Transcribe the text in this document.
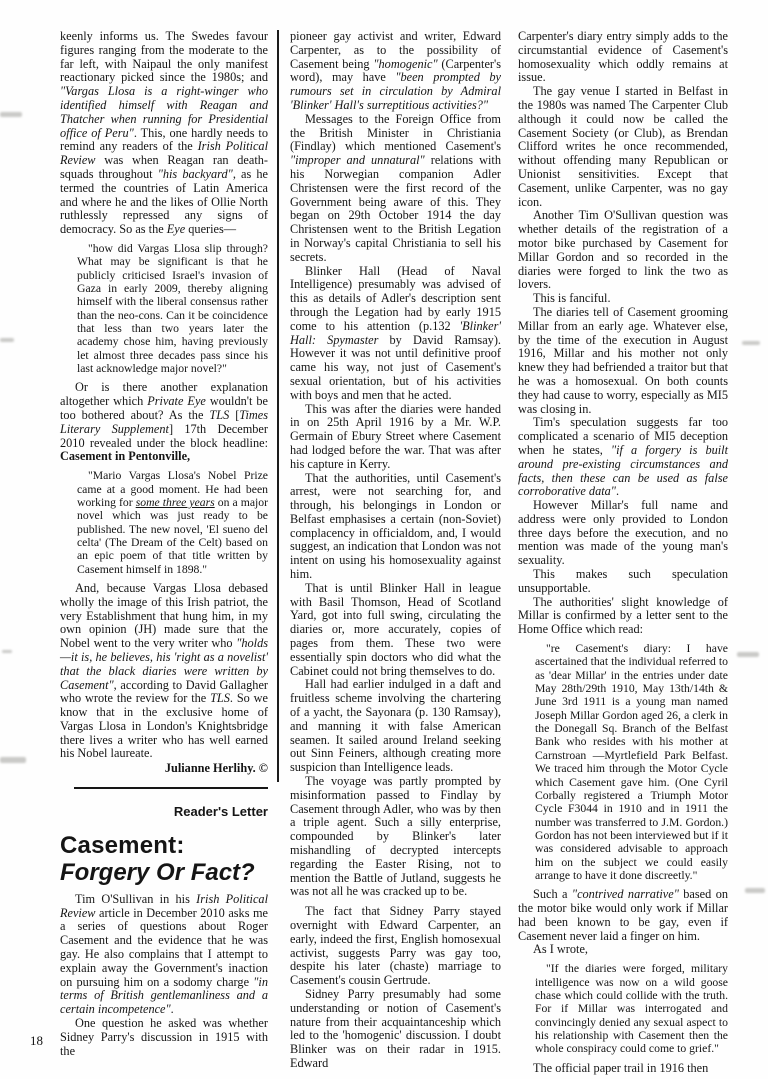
keenly informs us. The Swedes favour figures ranging from the moderate to the far left, with Naipaul the only manifest reactionary picked since the 1980s; and "Vargas Llosa is a right-winger who identified himself with Reagan and Thatcher when running for Presidential office of Peru". This, one hardly needs to remind any readers of the Irish Political Review was when Reagan ran death-squads throughout "his backyard", as he termed the countries of Latin America and where he and the likes of Ollie North ruthlessly repressed any signs of democracy. So as the Eye queries—
"how did Vargas Llosa slip through? What may be significant is that he publicly criticised Israel's invasion of Gaza in early 2009, thereby aligning himself with the liberal consensus rather than the neo-cons. Can it be coincidence that less than two years later the academy chose him, having previously let almost three decades pass since his last acknowledge major novel?"
Or is there another explanation altogether which Private Eye wouldn't be too bothered about? As the TLS [Times Literary Supplement] 17th December 2010 revealed under the block headline: Casement in Pentonville,
"Mario Vargas Llosa's Nobel Prize came at a good moment. He had been working for some three years on a major novel which was just ready to be published. The new novel, 'El sueno del celta' (The Dream of the Celt) based on an epic poem of that title written by Casement himself in 1898."
And, because Vargas Llosa debased wholly the image of this Irish patriot, the very Establishment that hung him, in my own opinion (JH) made sure that the Nobel went to the very writer who "holds—it is, he believes, his 'right as a novelist' that the black diaries were written by Casement", according to David Gallagher who wrote the review for the TLS. So we know that in the exclusive home of Vargas Llosa in London's Knightsbridge there lives a writer who has well earned his Nobel laureate.
Julianne Herlihy. ©
Reader's Letter
Casement:
Forgery Or Fact?
Tim O'Sullivan in his Irish Political Review article in December 2010 asks me a series of questions about Roger Casement and the evidence that he was gay. He also complains that I attempt to explain away the Government's inaction on pursuing him on a sodomy charge "in terms of British gentlemanliness and a certain incompetence".
One question he asked was whether Sidney Parry's discussion in 1915 with the
pioneer gay activist and writer, Edward Carpenter, as to the possibility of Casement being "homogenic" (Carpenter's word), may have "been prompted by rumours set in circulation by Admiral 'Blinker' Hall's surreptitious activities?"
Messages to the Foreign Office from the British Minister in Christiania (Findlay) which mentioned Casement's "improper and unnatural" relations with his Norwegian companion Adler Christensen were the first record of the Government being aware of this. They began on 29th October 1914 the day Christensen went to the British Legation in Norway's capital Christiania to sell his secrets.
Blinker Hall (Head of Naval Intelligence) presumably was advised of this as details of Adler's description sent through the Legation had by early 1915 come to his attention (p.132 'Blinker' Hall: Spymaster by David Ramsay). However it was not until definitive proof came his way, not just of Casement's sexual orientation, but of his activities with boys and men that he acted.
This was after the diaries were handed in on 25th April 1916 by a Mr. W.P. Germain of Ebury Street where Casement had lodged before the war. That was after his capture in Kerry.
That the authorities, until Casement's arrest, were not searching for, and through, his belongings in London or Belfast emphasises a certain (non-Soviet) complacency in officialdom, and, I would suggest, an indication that London was not intent on using his homosexuality against him.
That is until Blinker Hall in league with Basil Thomson, Head of Scotland Yard, got into full swing, circulating the diaries or, more accurately, copies of pages from them. These two were essentially spin doctors who did what the Cabinet could not bring themselves to do.
Hall had earlier indulged in a daft and fruitless scheme involving the chartering of a yacht, the Sayonara (p. 130 Ramsay), and manning it with false American seamen. It sailed around Ireland seeking out Sinn Feiners, although creating more suspicion than Intelligence leads.
The voyage was partly prompted by misinformation passed to Findlay by Casement through Adler, who was by then a triple agent. Such a silly enterprise, compounded by Blinker's later mishandling of decrypted intercepts regarding the Easter Rising, not to mention the Battle of Jutland, suggests he was not all he was cracked up to be.
The fact that Sidney Parry stayed overnight with Edward Carpenter, an early, indeed the first, English homosexual activist, suggests Parry was gay too, despite his later (chaste) marriage to Casement's cousin Gertrude.
Sidney Parry presumably had some understanding or notion of Casement's nature from their acquaintanceship which led to the 'homogenic' discussion. I doubt Blinker was on their radar in 1915. Edward
Carpenter's diary entry simply adds to the circumstantial evidence of Casement's homosexuality which oddly remains at issue.
The gay venue I started in Belfast in the 1980s was named The Carpenter Club although it could now be called the Casement Society (or Club), as Brendan Clifford writes he once recommended, without offending many Republican or Unionist sensitivities. Except that Casement, unlike Carpenter, was no gay icon.
Another Tim O'Sullivan question was whether details of the registration of a motor bike purchased by Casement for Millar Gordon and so recorded in the diaries were forged to link the two as lovers.
This is fanciful.
The diaries tell of Casement grooming Millar from an early age. Whatever else, by the time of the execution in August 1916, Millar and his mother not only knew they had befriended a traitor but that he was a homosexual. On both counts they had cause to worry, especially as MI5 was closing in.
Tim's speculation suggests far too complicated a scenario of MI5 deception when he states, "if a forgery is built around pre-existing circumstances and facts, then these can be used as false corroborative data".
However Millar's full name and address were only provided to London three days before the execution, and no mention was made of the young man's sexuality.
This makes such speculation unsupportable.
The authorities' slight knowledge of Millar is confirmed by a letter sent to the Home Office which read:
"re Casement's diary: I have ascertained that the individual referred to as 'dear Millar' in the entries under date May 28th/29th 1910, May 13th/14th & June 3rd 1911 is a young man named Joseph Millar Gordon aged 26, a clerk in the Donegall Sq. Branch of the Belfast Bank who resides with his mother at Carnstroan —Myrtlefield Park Belfast. We traced him through the Motor Cycle which Casement gave him. (One Cyril Corbally registered a Triumph Motor Cycle F3044 in 1910 and in 1911 the number was transferred to J.M. Gordon.) Gordon has not been interviewed but if it was considered advisable to approach him on the subject we could easily arrange to have it done discreetly."
Such a "contrived narrative" based on the motor bike would only work if Millar had been known to be gay, even if Casement never laid a finger on him.
As I wrote,
"If the diaries were forged, military intelligence was now on a wild goose chase which could collide with the truth. For if Millar was interrogated and convincingly denied any sexual aspect to his relationship with Casement then the whole conspiracy could come to grief."
The official paper trail in 1916 then
18
